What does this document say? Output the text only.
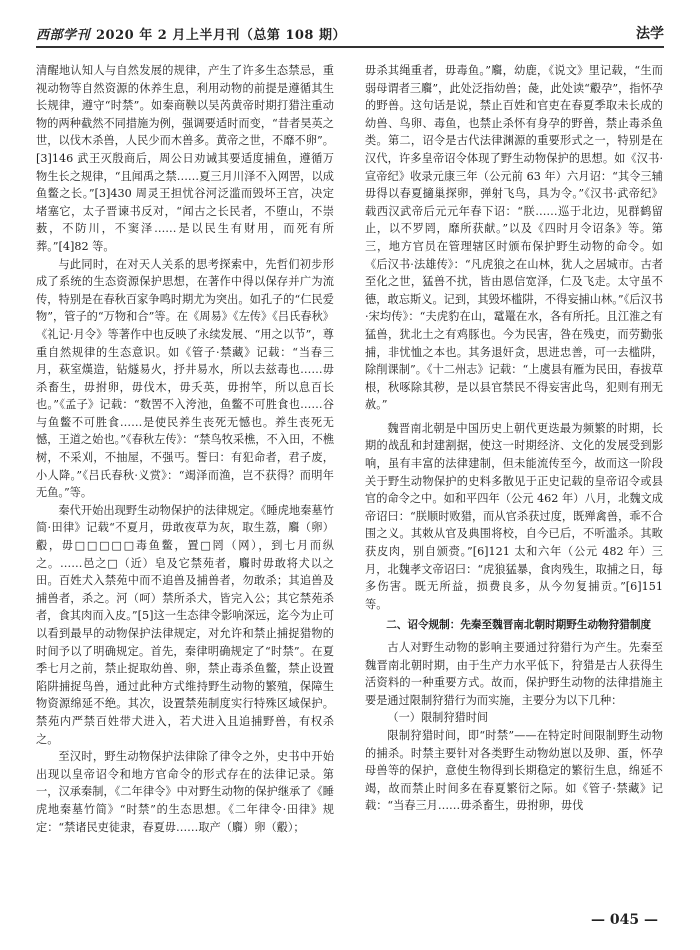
西部学刊 2020 年 2 月上半月刊（总第 108 期）	法学

清醒地认知人与自然发展的规律，产生了许多生态禁忌，重视动物等自然资源的休养生息，利用动物的前提是遵循其生长规律，遵守“时禁”。如秦商鞅以吴芮黄帝时期打猎注重动物的两种截然不同措施为例，强调要适时而变，“昔者昊英之世，以伐木杀兽，人民少而木兽多。黄帝之世，不靡不卵”。[3]146 武王灭殷商后，周公日劝诫其要适度捕鱼，遵循万物生长之规律，“且闻禹之禁……夏三月川泽不入网罟，以成鱼鳖之长。”[3]430 周灵王担忧谷河泛滥而毁坏王宫，决定堵塞它，太子晋谏书反对，“闻古之长民者，不堕山，不崇薮，不防川，不窦泽……是以民生有财用，而死有所葬。”[4]82 等。

与此同时，在对天人关系的思考探索中，先哲们初步形成了系统的生态资源保护思想，在著作中得以保存并广为流传，特别是在春秋百家争鸣时期尤为突出。如孔子的“仁民爱物”，管子的“万物和合”等。在《周易》《左传》《吕氏春秋》《礼记·月令》等著作中也反映了永续发展、“用之以节”，尊重自然规律的生态意识。如《管子·禁藏》记载：“当春三月，萩室熯造，钻燧易火，抒井易水，所以去兹毒也……毋杀畜生，毋拊卵，毋伐木，毋夭英，毋拊竿，所以息百长也。”《孟子》记载：“数罟不入洿池，鱼鳖不可胜食也……谷与鱼鳖不可胜食……是使民养生丧死无憾也。养生丧死无憾，王道之始也。”《春秋左传》：“禁鸟牧采樵，不入田，不樵树，不采刈，不抽屋，不强丐。誓曰：有犯命者，君子废，小人降。”《吕氏春秋·义赏》：“竭泽而渔，岂不获得？而明年无鱼。”等。

秦代开始出现野生动物保护的法律规定。《睡虎地秦墓竹简·田律》记载“不夏月，毋敢夜草为灰，取生荔，麛（卵）鷇，毋□□□□□毒鱼鳖，置□罔（网），到七月而纵之。……邑之□（近）皂及它禁苑者，麛时毋敢将犬以之田。百姓犬入禁苑中而不追兽及捕兽者，勿敢杀；其追兽及捕兽者，杀之。河（呵）禁所杀犬，皆完入公；其它禁苑杀者，食其肉而入皮。”[5]这一生态律令影响深远，迄今为止可以看到最早的动物保护法律规定，对允许和禁止捕捉猎物的时间予以了明确规定。首先，秦律明确规定了“时禁”。在夏季七月之前，禁止捉取幼兽、卵，禁止毒杀鱼鳖，禁止设置陷阱捕捉鸟兽，通过此种方式维持野生动物的繁殖，保障生物资源绵延不绝。其次，设置禁苑制度实行特殊区域保护。禁苑内严禁百姓带犬进入，若犬进入且追捕野兽，有权杀之。

至汉时，野生动物保护法律除了律令之外，史书中开始出现以皇帝诏令和地方官命令的形式存在的法律记录。第一，汉承秦制，《二年律令》中对野生动物的保护继承了《睡虎地秦墓竹简》“时禁”的生态思想。《二年律令·田律》规定：“禁诸民吏徒隶，春夏毋……取产（麛）卵（鷇）；

毋杀其绳重者，毋毒鱼。”麛，幼鹿，《说文》里记载，“生而弱母谓者三麛”，此处泛指幼兽；彘，此处读“鷇孕”，指怀孕的野兽。这句话是说，禁止百姓和官吏在春夏季取未长成的幼兽、鸟卵、毒鱼，也禁止杀怀有身孕的野兽，禁止毒杀鱼类。第二，诏令是古代法律渊源的重要形式之一，特别是在汉代，许多皇帝诏令体现了野生动物保护的思想。如《汉书·宣帝纪》收录元康三年（公元前 63 年）六月诏：“其令三辅毋得以春夏擿巢探卵，弹射飞鸟，具为令。”《汉书·武帝纪》载西汉武帝后元元年春下诏：“朕……巡于北边，见群鹤留止，以不罗罔，靡所获献。”以及《四时月令诏条》等。第三，地方官员在管理辖区时颁布保护野生动物的命令。如《后汉书·法雄传》：“凡虎狼之在山林，犹人之居城市。古者至化之世，猛兽不扰，皆由恩信宽泽，仁及飞走。太守虽不德，敢忘斯义。记到，其毁坏槛阱，不得妄捕山林。”《后汉书·宋均传》：“夫虎豹在山，鼋鼍在水，各有所托。且江淮之有猛兽，犹北土之有鸡豚也。今为民害，咎在残吏，而劳勤张捕，非忧恤之本也。其务退奸贪，思进忠善，可一去槛阱，除削课制”。《十二州志》记载：“上虞县有雁为民田，春拔草根，秋啄除其秽，是以县官禁民不得妄害此鸟，犯则有刑无赦。”

魏晋南北朝是中国历史上朝代更迭最为频繁的时期，长期的战乱和封建割据，使这一时期经济、文化的发展受到影响，虽有丰富的法律建制，但未能流传至今，故而这一阶段关于野生动物保护的史料多散见于正史记载的皇帝诏令或县官的命令之中。如和平四年（公元 462 年）八月，北魏文成帝诏曰：“朕顺时败猎，而从官杀获过度，既殚禽兽，乖不合围之义。其敕从官及典围将校，自今已后，不听滥杀。其畋获皮肉，别自颁赍。”[6]121 太和六年（公元 482 年）三月，北魏孝文帝诏曰：“虎狼猛暴，食肉残生，取捕之日，每多伤害。既无所益，损费良多，从今勿复捕贡。”[6]151 等。

二、诏令规制：先秦至魏晋南北朝时期野生动物狩猎制度

古人对野生动物的影响主要通过狩猎行为产生。先秦至魏晋南北朝时期，由于生产力水平低下，狩猎是古人获得生活资料的一种重要方式。故而，保护野生动物的法律措施主要是通过限制狩猎行为而实施，主要分为以下几种：

（一）限制狩猎时间

限制狩猎时间，即“时禁”——在特定时间限制野生动物的捕杀。时禁主要针对各类野生动物幼崽以及卵、蛋，怀孕母兽等的保护，意使生物得到长期稳定的繁衍生息，绵延不竭，故而禁止时间多在春夏繁衍之际。如《管子·禁藏》记载：“当春三月……毋杀畜生，毋拊卵，毋伐

— 045 —
